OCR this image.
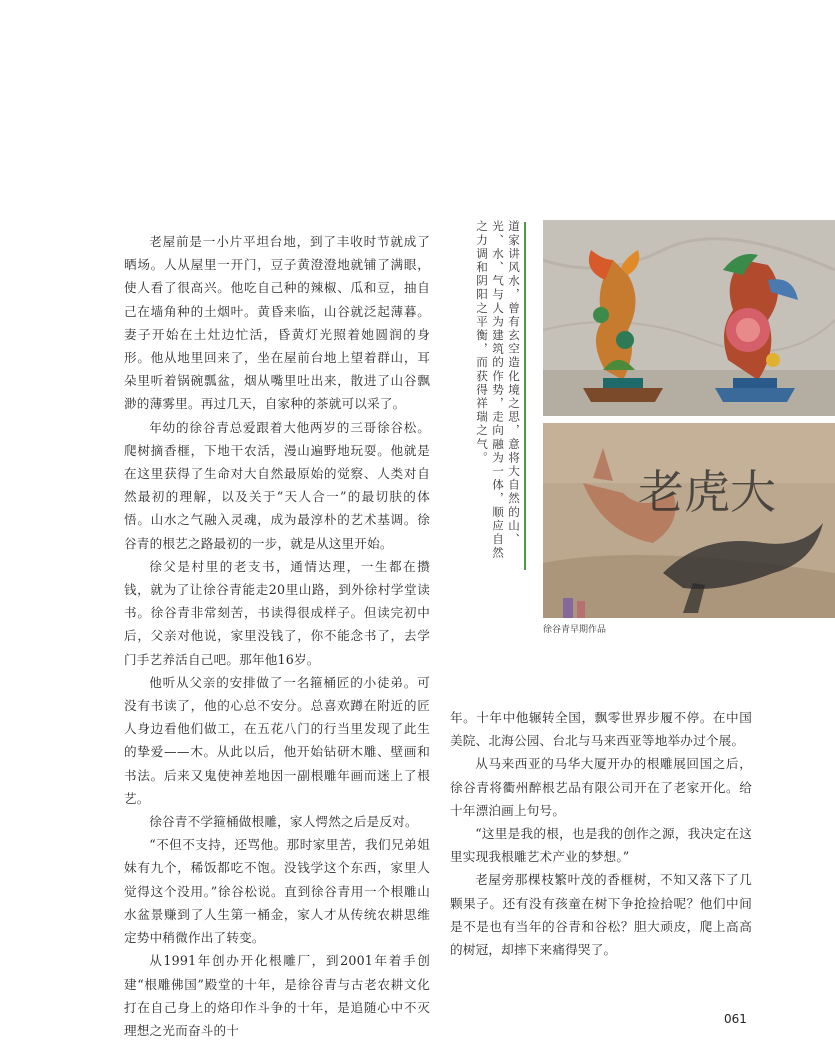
老屋前是一小片平坦台地，到了丰收时节就成了晒场。人从屋里一开门，豆子黄澄澄地就铺了满眼，使人看了很高兴。他吃自己种的辣椒、瓜和豆，抽自己在墙角种的土烟叶。黄昏来临，山谷就泛起薄暮。妻子开始在土灶边忙活，昏黄灯光照着她圆润的身形。他从地里回来了，坐在屋前台地上望着群山，耳朵里听着锅碗瓢盆，烟从嘴里吐出来，散进了山谷飘渺的薄雾里。再过几天，自家种的茶就可以采了。

年幼的徐谷青总爱跟着大他两岁的三哥徐谷松。爬树摘香榧，下地干农活，漫山遍野地玩耍。他就是在这里获得了生命对大自然最原始的觉察、人类对自然最初的理解，以及关于“天人合一”的最切肤的体悟。山水之气融入灵魂，成为最淳朴的艺术基调。徐谷青的根艺之路最初的一步，就是从这里开始。

徐父是村里的老支书，通情达理，一生都在攒钱，就为了让徐谷青能走20里山路，到外徐村学堂读书。徐谷青非常刻苦，书读得很成样子。但读完初中后，父亲对他说，家里没钱了，你不能念书了，去学门手艺养活自己吧。那年他16岁。

他听从父亲的安排做了一名箍桶匠的小徒弟。可没有书读了，他的心总不安分。总喜欢蹲在附近的匠人身边看他们做工，在五花八门的行当里发现了此生的挚爱——木。从此以后，他开始钻研木雕、壁画和书法。后来又鬼使神差地因一副根雕年画而迷上了根艺。

徐谷青不学箍桶做根雕，家人愕然之后是反对。

“不但不支持，还骂他。那时家里苦，我们兄弟姐妹有九个，稀饭都吃不饱。没钱学这个东西，家里人觉得这个没用。”徐谷松说。直到徐谷青用一个根雕山水盆景赚到了人生第一桶金，家人才从传统农耕思维定势中稍微作出了转变。

从1991年创办开化根雕厂，到2001年着手创建“根雕佛国”殿堂的十年，是徐谷青与古老农耕文化打在自己身上的烙印作斗争的十年，是追随心中不灭理想之光而奋斗的十

年。十年中他辗转全国，飘零世界步履不停。在中国美院、北海公园、台北与马来西亚等地举办过个展。

从马来西亚的马华大厦开办的根雕展回国之后，徐谷青将衢州醉根艺品有限公司开在了老家开化。给十年漂泊画上句号。

“这里是我的根，也是我的创作之源，我决定在这里实现我根雕艺术产业的梦想。”

老屋旁那棵枝繁叶茂的香榧树，不知又落下了几颗果子。还有没有孩童在树下争抢捡拾呢？他们中间是不是也有当年的谷青和谷松？胆大顽皮，爬上高高的树冠，却摔下来痛得哭了。

道家讲风水，曾有玄空造化境之思，意将大自然的山、光、水、气与人为建筑的作势，走向融为一体，顺应自然之力调和阴阳之平衡，而获得祥瑞之气。
老虎大
徐谷青早期作品
061
